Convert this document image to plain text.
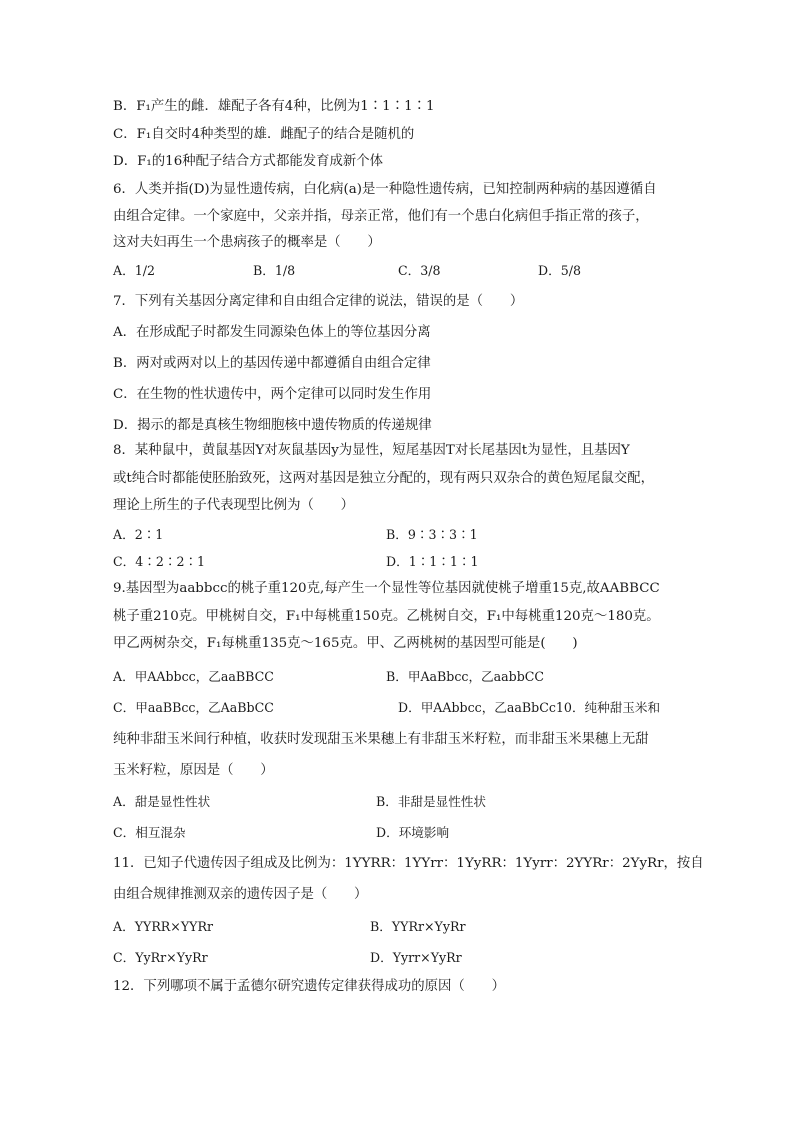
B．F₁产生的雌．雄配子各有4种，比例为1∶1∶1∶1
C．F₁自交时4种类型的雄．雌配子的结合是随机的
D．F₁的16种配子结合方式都能发育成新个体
6．人类并指(D)为显性遗传病，白化病(a)是一种隐性遗传病，已知控制两种病的基因遵循自
由组合定律。一个家庭中，父亲并指，母亲正常，他们有一个患白化病但手指正常的孩子，
这对夫妇再生一个患病孩子的概率是（　　）
A．1/2	B．1/8	C．3/8	D．5/8
7．下列有关基因分离定律和自由组合定律的说法，错误的是（　　）
A．在形成配子时都发生同源染色体上的等位基因分离
B．两对或两对以上的基因传递中都遵循自由组合定律
C．在生物的性状遗传中，两个定律可以同时发生作用
D．揭示的都是真核生物细胞核中遗传物质的传递规律
8．某种鼠中，黄鼠基因Y对灰鼠基因y为显性，短尾基因T对长尾基因t为显性，且基因Y
或t纯合时都能使胚胎致死，这两对基因是独立分配的，现有两只双杂合的黄色短尾鼠交配，
理论上所生的子代表现型比例为（　　）
A．2∶1	B．9∶3∶3∶1
C．4∶2∶2∶1	D．1∶1∶1∶1
9.基因型为aabbcc的桃子重120克,每产生一个显性等位基因就使桃子增重15克,故AABBCC
桃子重210克。甲桃树自交，F₁中每桃重150克。乙桃树自交，F₁中每桃重120克～180克。
甲乙两树杂交，F₁每桃重135克～165克。甲、乙两桃树的基因型可能是(　　)
A．甲AAbbcc，乙aaBBCC	B．甲AaBbcc，乙aabbCC
C．甲aaBBcc，乙AaBbCC	D．甲AAbbcc，乙aaBbCc10．纯种甜玉米和
纯种非甜玉米间行种植，收获时发现甜玉米果穗上有非甜玉米籽粒，而非甜玉米果穗上无甜
玉米籽粒，原因是（　　）
A．甜是显性性状	B．非甜是显性性状
C．相互混杂	D．环境影响
11．已知子代遗传因子组成及比例为：1YYRR：1YYrr：1YyRR：1Yyrr：2YYRr：2YyRr，按自
由组合规律推测双亲的遗传因子是（　　）
A．YYRR×YYRr	B．YYRr×YyRr
C．YyRr×YyRr	D．Yyrr×YyRr
12．下列哪项不属于孟德尔研究遗传定律获得成功的原因（　　）
